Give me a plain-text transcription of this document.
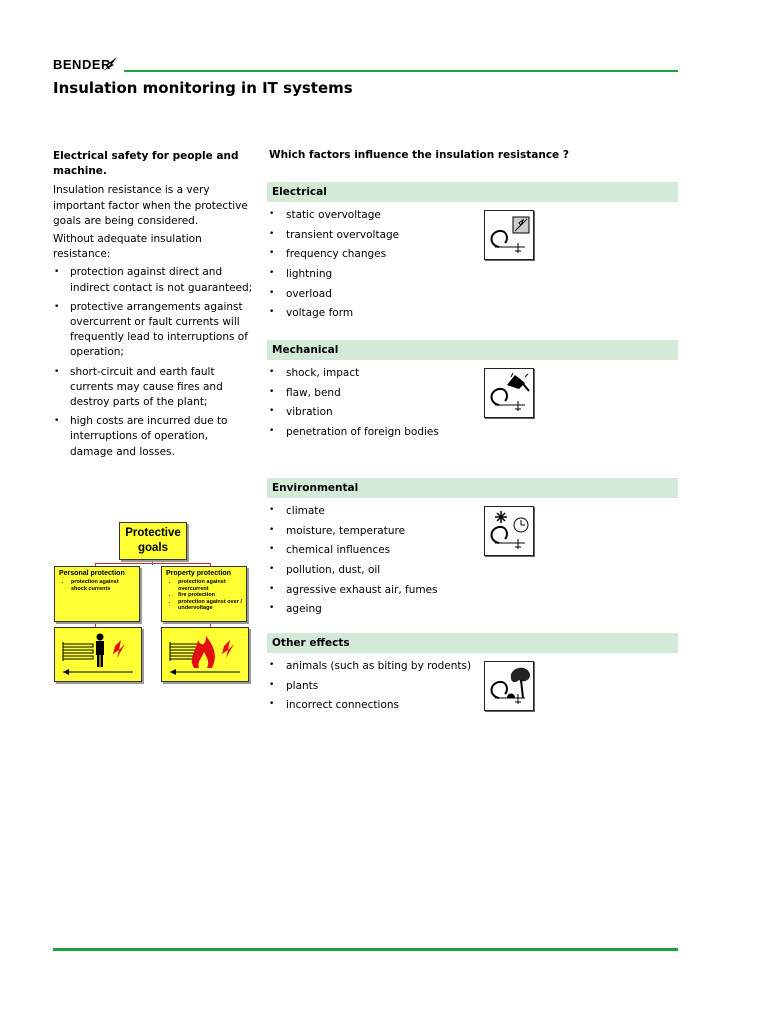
BENDER
Insulation monitoring in IT systems

Electrical safety for people and machine.

Insulation resistance is a very important factor when the protective goals are being considered.

Without adequate insulation resistance:

• protection against direct and indirect contact is not guaranteed;
• protective arrangements against overcurrent or fault currents will frequently lead to interruptions of operation;
• short-circuit and earth fault currents may cause fires and destroy parts of the plant;
• high costs are incurred due to interruptions of operation, damage and losses.
Protective
goals
Personal protection
• protection against shock currents
Property protection
• protection against overcurrent
• fire protection
• protection against over / undervoltage

Which factors influence the insulation resistance ?

Electrical
• static overvoltage
• transient overvoltage
• frequency changes
• lightning
• overload
• voltage form
Mechanical
• shock, impact
• flaw, bend
• vibration
• penetration of foreign bodies
Environmental
• climate
• moisture, temperature
• chemical influences
• pollution, dust, oil
• agressive exhaust air, fumes
• ageing
Other effects
• animals (such as biting by rodents)
• plants
• incorrect connections
